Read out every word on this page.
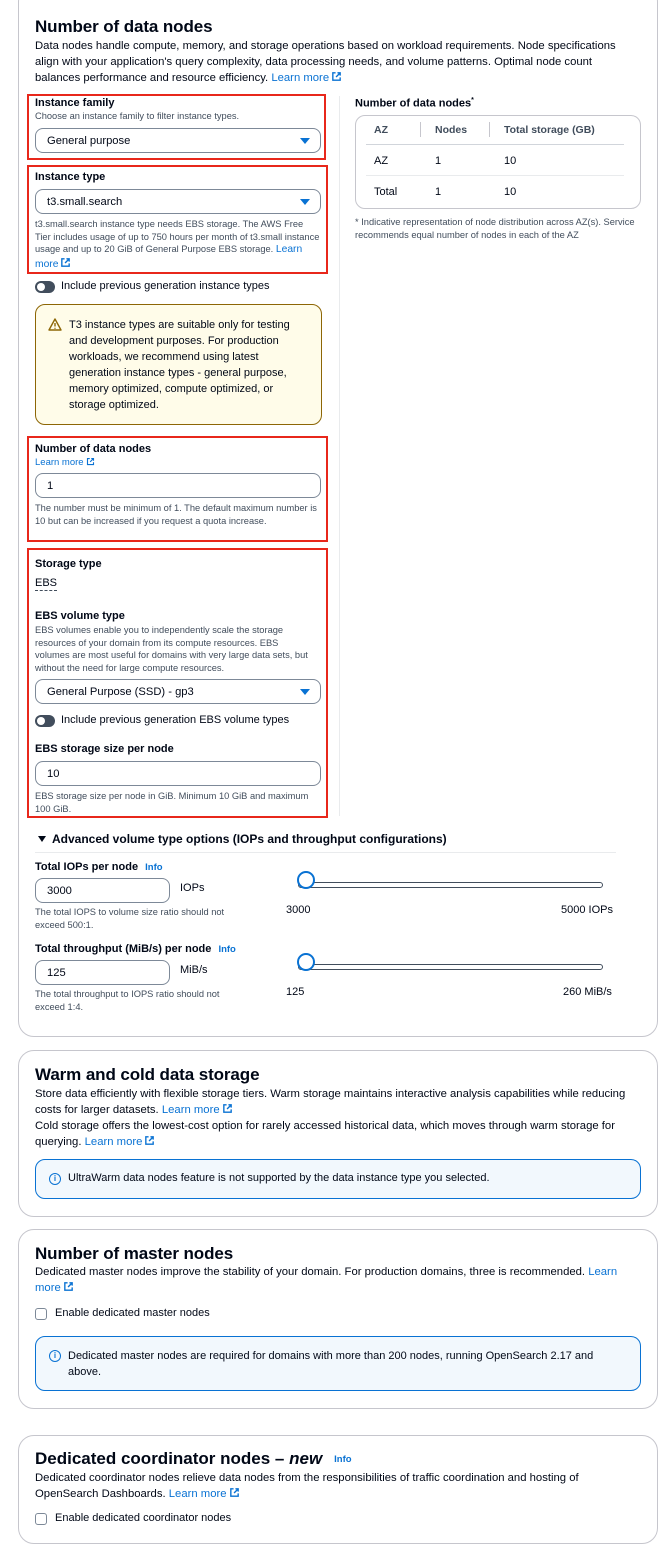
Number of data nodes

Data nodes handle compute, memory, and storage operations based on workload requirements. Node specifications align with your application's query complexity, data processing needs, and volume patterns. Optimal node count balances performance and resource efficiency. Learn more

Instance family
Choose an instance family to filter instance types.
General purpose
Instance type
t3.small.search

t3.small.search instance type needs EBS storage. The AWS Free Tier includes usage of up to 750 hours per month of t3.small instance usage and up to 20 GiB of General Purpose EBS storage. Learn more

Include previous generation instance types

T3 instance types are suitable only for testing and development purposes. For production workloads, we recommend using latest generation instance types - general purpose, memory optimized, compute optimized, or storage optimized.

Number of data nodes
Learn more
1

The number must be minimum of 1. The default maximum number is 10 but can be increased if you request a quota increase.

Storage type
EBS
EBS volume type

EBS volumes enable you to independently scale the storage resources of your domain from its compute resources. EBS volumes are most useful for domains with very large data sets, but without the need for large compute resources.

General Purpose (SSD) - gp3
Include previous generation EBS volume types
EBS storage size per node
10

EBS storage size per node in GiB. Minimum 10 GiB and maximum 100 GiB.

Number of data nodes*
AZ	Nodes	Total storage (GB)
AZ	1	10
Total	1	10

* Indicative representation of node distribution across AZ(s). Service recommends equal number of nodes in each of the AZ

Advanced volume type options (IOPs and throughput configurations)
Total IOPs per node Info
3000	IOPs

The total IOPS to volume size ratio should not exceed 500:1.

3000	5000 IOPs
Total throughput (MiB/s) per node Info
125	MiB/s

The total throughput to IOPS ratio should not exceed 1:4.

125	260 MiB/s
Warm and cold data storage

Store data efficiently with flexible storage tiers. Warm storage maintains interactive analysis capabilities while reducing costs for larger datasets. Learn more

Cold storage offers the lowest-cost option for rarely accessed historical data, which moves through warm storage for querying. Learn more

i	UltraWarm data nodes feature is not supported by the data instance type you selected.
Number of master nodes

Dedicated master nodes improve the stability of your domain. For production domains, three is recommended. Learn more

Enable dedicated master nodes
i	Dedicated master nodes are required for domains with more than 200 nodes, running OpenSearch 2.17 and above.

Dedicated coordinator nodes – new Info

Dedicated coordinator nodes relieve data nodes from the responsibilities of traffic coordination and hosting of OpenSearch Dashboards. Learn more

Enable dedicated coordinator nodes
